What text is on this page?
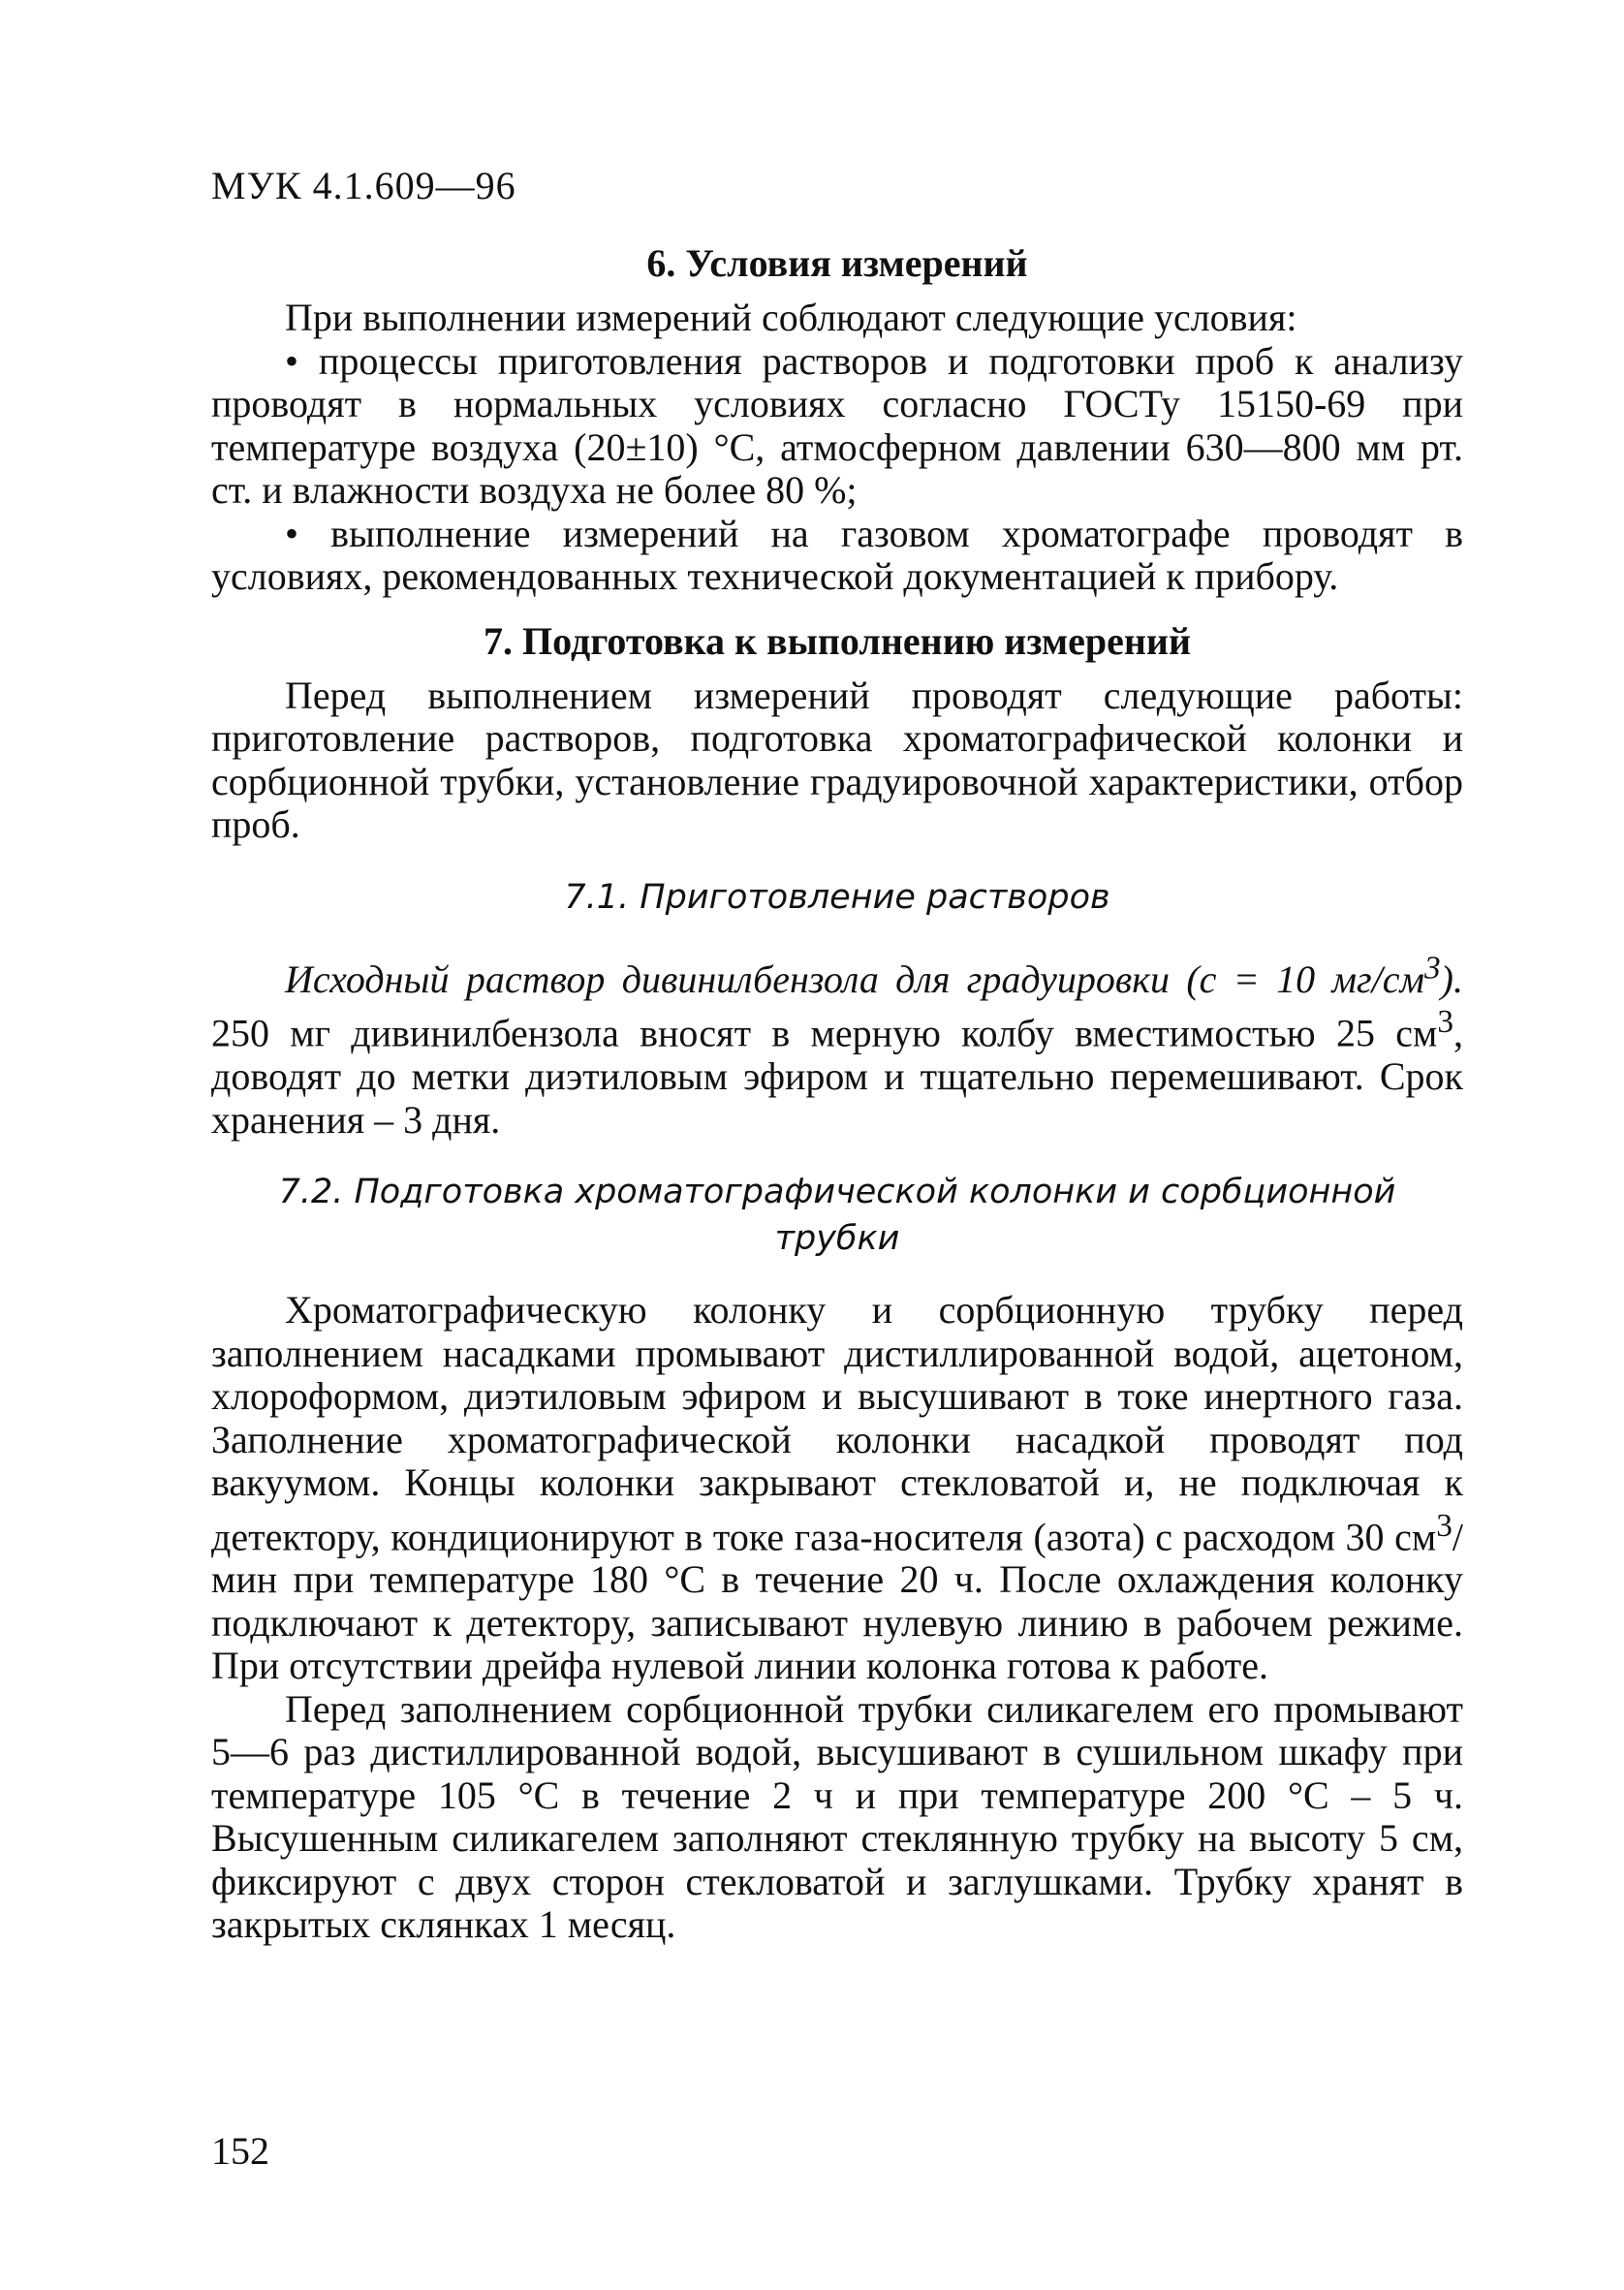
МУК 4.1.609—96
6. Условия измерений

При выполнении измерений соблюдают следующие условия:

• процессы приготовления растворов и подготовки проб к анализу проводят в нормальных условиях согласно ГОСТу 15150-69 при температуре воздуха (20±10) °С, атмосферном давлении 630—800 мм рт. ст. и влажности воздуха не более 80 %;

• выполнение измерений на газовом хроматографе проводят в условиях, рекомендованных технической документацией к прибору.

7. Подготовка к выполнению измерений

Перед выполнением измерений проводят следующие работы: приготовление растворов, подготовка хроматографической колонки и сорбционной трубки, установление градуировочной характеристики, отбор проб.

7.1. Приготовление растворов

Исходный раствор дивинилбензола для градуировки (с = 10 $мг/см^3$). 250 мг дивинилбензола вносят в мерную колбу вместимостью 25 $см^3$, доводят до метки диэтиловым эфиром и тщательно перемешивают. Срок хранения – 3 дня.

7.2. Подготовка хроматографической колонки и сорбционной трубки

Хроматографическую колонку и сорбционную трубку перед заполнением насадками промывают дистиллированной водой, ацетоном, хлороформом, диэтиловым эфиром и высушивают в токе инертного газа. Заполнение хроматографической колонки насадкой проводят под вакуумом. Концы колонки закрывают стекловатой и, не подключая к детектору, кондиционируют в токе газа-носителя (азота) с расходом 30 $см^3$/мин при температуре 180 °С в течение 20 ч. После охлаждения колонку подключают к детектору, записывают нулевую линию в рабочем режиме. При отсутствии дрейфа нулевой линии колонка готова к работе.

Перед заполнением сорбционной трубки силикагелем его промывают 5—6 раз дистиллированной водой, высушивают в сушильном шкафу при температуре 105 °С в течение 2 ч и при температуре 200 °С – 5 ч. Высушенным силикагелем заполняют стеклянную трубку на высоту 5 см, фиксируют с двух сторон стекловатой и заглушками. Трубку хранят в закрытых склянках 1 месяц.

152
